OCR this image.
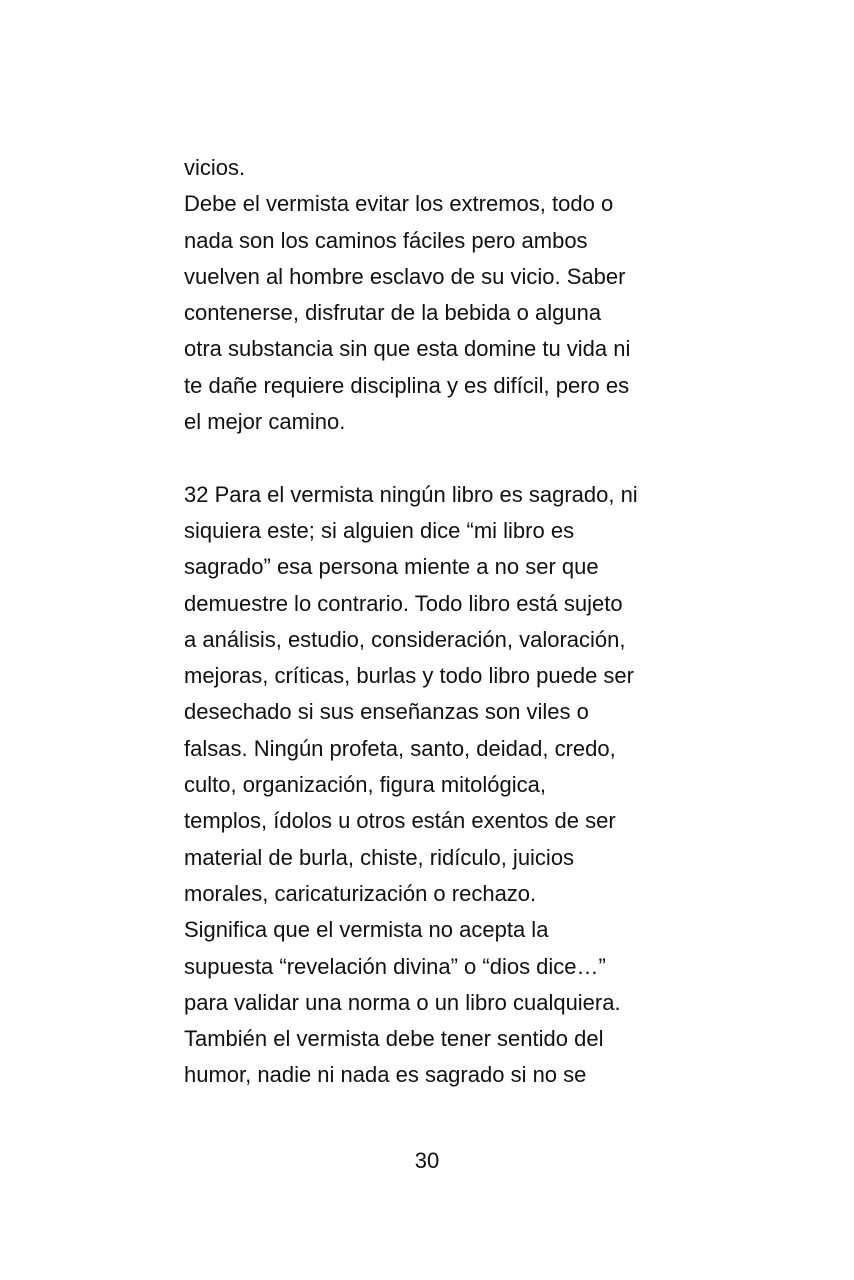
vicios.
Debe el vermista evitar los extremos, todo o
nada son los caminos fáciles pero ambos
vuelven al hombre esclavo de su vicio. Saber
contenerse, disfrutar de la bebida o alguna
otra substancia sin que esta domine tu vida ni
te dañe requiere disciplina y es difícil, pero es
el mejor camino.
32 Para el vermista ningún libro es sagrado, ni
siquiera este; si alguien dice “mi libro es
sagrado” esa persona miente a no ser que
demuestre lo contrario. Todo libro está sujeto
a análisis, estudio, consideración, valoración,
mejoras, críticas, burlas y todo libro puede ser
desechado si sus enseñanzas son viles o
falsas. Ningún profeta, santo, deidad, credo,
culto, organización, figura mitológica,
templos, ídolos u otros están exentos de ser
material de burla, chiste, ridículo, juicios
morales, caricaturización o rechazo.
Significa que el vermista no acepta la
supuesta “revelación divina” o “dios dice…”
para validar una norma o un libro cualquiera.
También el vermista debe tener sentido del
humor, nadie ni nada es sagrado si no se
30
